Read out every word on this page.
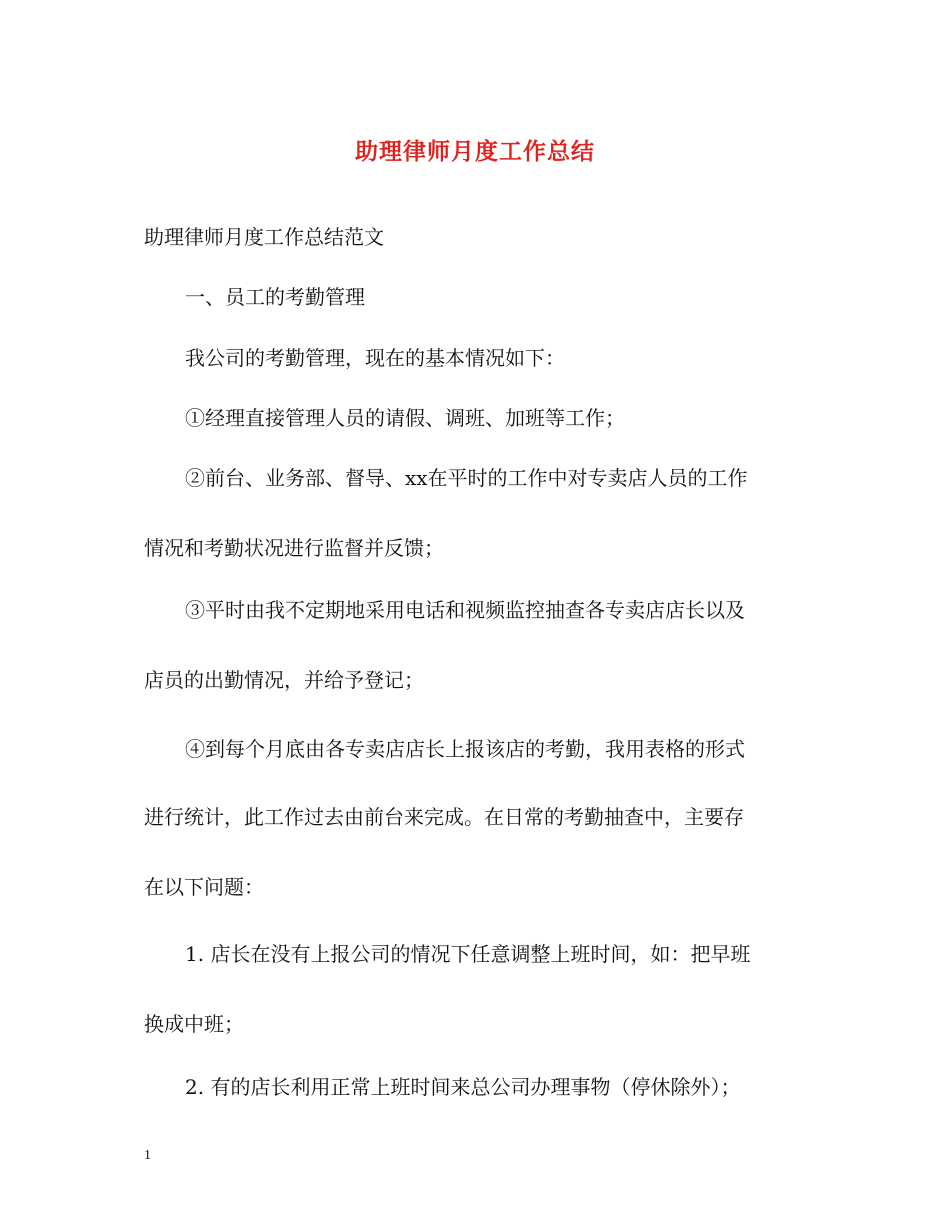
助理律师月度工作总结
助理律师月度工作总结范文
一、员工的考勤管理
我公司的考勤管理，现在的基本情况如下：
①经理直接管理人员的请假、调班、加班等工作；
②前台、业务部、督导、xx在平时的工作中对专卖店人员的工作
情况和考勤状况进行监督并反馈；
③平时由我不定期地采用电话和视频监控抽查各专卖店店长以及
店员的出勤情况，并给予登记；
④到每个月底由各专卖店店长上报该店的考勤，我用表格的形式
进行统计，此工作过去由前台来完成。在日常的考勤抽查中，主要存
在以下问题：
1. 店长在没有上报公司的情况下任意调整上班时间，如：把早班
换成中班；
2. 有的店长利用正常上班时间来总公司办理事物（停休除外）；
1
